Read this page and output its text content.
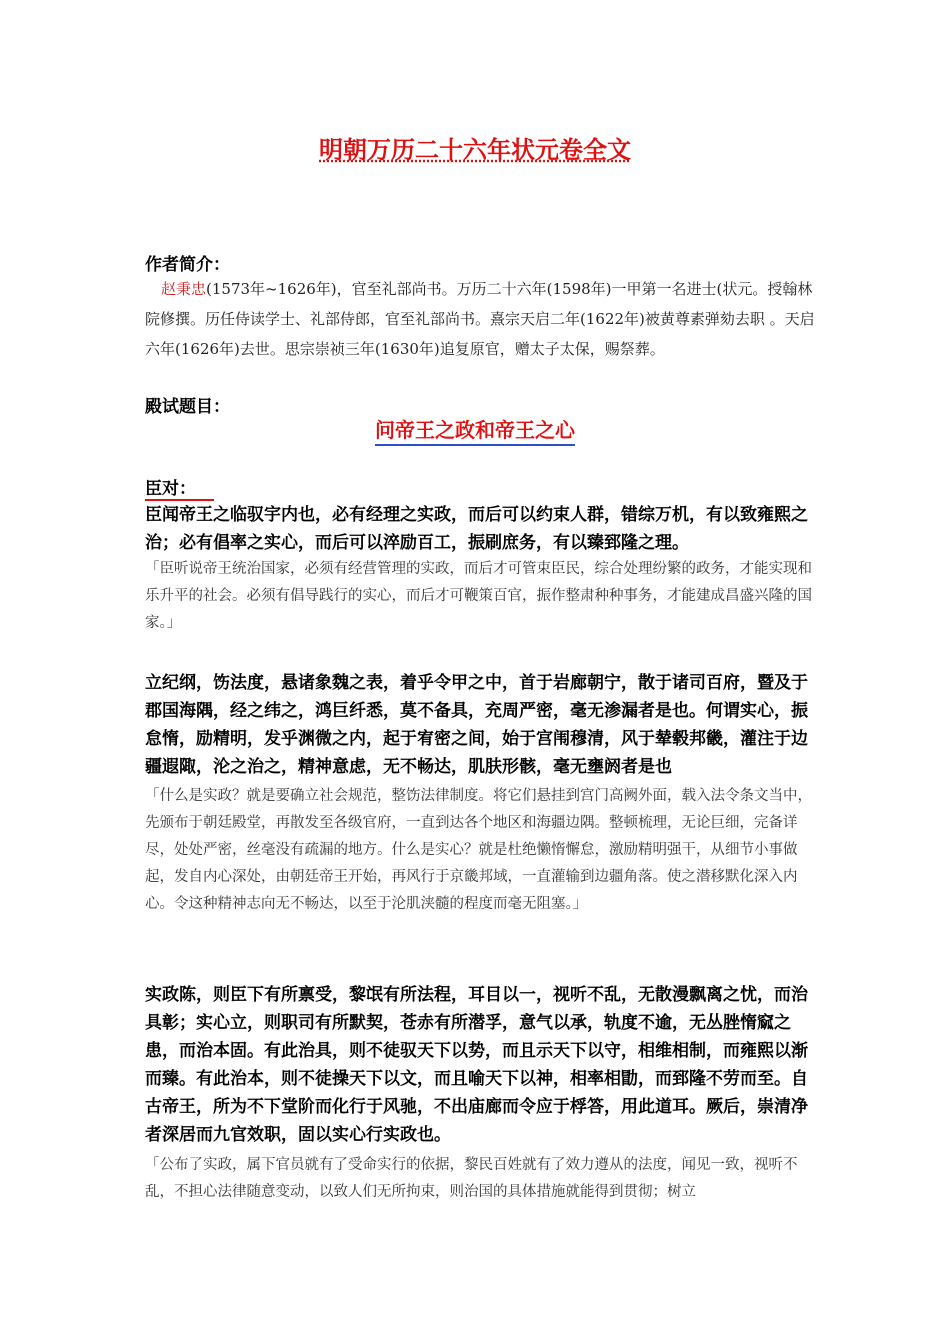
明朝万历二十六年状元卷全文
作者简介：

赵秉忠(1573年~1626年)，官至礼部尚书。万历二十六年(1598年)一甲第一名进士(状元。授翰林院修撰。历任侍读学士、礼部侍郎，官至礼部尚书。熹宗天启二年(1622年)被黄尊素弹劾去职 。天启六年(1626年)去世。思宗崇祯三年(1630年)追复原官，赠太子太保，赐祭葬。

殿试题目：
问帝王之政和帝王之心
臣对：

臣闻帝王之临驭宇内也，必有经理之实政，而后可以约束人群，错综万机，有以致雍熙之治；必有倡率之实心，而后可以淬励百工，振刷庶务，有以臻郅隆之理。

「臣听说帝王统治国家，必须有经营管理的实政，而后才可管束臣民，综合处理纷繁的政务，才能实现和乐升平的社会。必须有倡导践行的实心，而后才可鞭策百官，振作整肃种种事务，才能建成昌盛兴隆的国家。」

立纪纲，饬法度，悬诸象魏之表，着乎令甲之中，首于岩廊朝宁，散于诸司百府，暨及于郡国海隅，经之纬之，鸿巨纤悉，莫不备具，充周严密，毫无渗漏者是也。何谓实心，振怠惰，励精明，发乎渊微之内，起于宥密之间，始于宫闱穆清，风于辇毂邦畿，灌注于边疆遐陬，沦之治之，精神意虑，无不畅达，肌肤形骸，毫无壅阏者是也

「什么是实政？就是要确立社会规范，整饬法律制度。将它们悬挂到宫门高阙外面，载入法令条文当中，先颁布于朝廷殿堂，再散发至各级官府，一直到达各个地区和海疆边隅。整顿梳理，无论巨细，完备详尽，处处严密，丝毫没有疏漏的地方。什么是实心？就是杜绝懒惰懈怠，激励精明强干，从细节小事做起，发自内心深处，由朝廷帝王开始，再风行于京畿邦域，一直灌输到边疆角落。使之潜移默化深入内心。令这种精神志向无不畅达，以至于沦肌浃髓的程度而毫无阻塞。」

实政陈，则臣下有所禀受，黎氓有所法程，耳目以一，视听不乱，无散漫飘离之忧，而治具彰；实心立，则职司有所默契，苍赤有所潜孚，意气以承，轨度不逾，无丛脞惰窳之患，而治本固。有此治具，则不徒驭天下以势，而且示天下以守，相维相制，而雍熙以渐而臻。有此治本，则不徒操天下以文，而且喻天下以神，相率相勖，而郅隆不劳而至。自古帝王，所为不下堂阶而化行于风驰，不出庙廊而令应于桴答，用此道耳。厥后，崇清净者深居而九官效职，固以实心行实政也。

「公布了实政，属下官员就有了受命实行的依据，黎民百姓就有了效力遵从的法度，闻见一致，视听不乱，不担心法律随意变动，以致人们无所拘束，则治国的具体措施就能得到贯彻；树立
